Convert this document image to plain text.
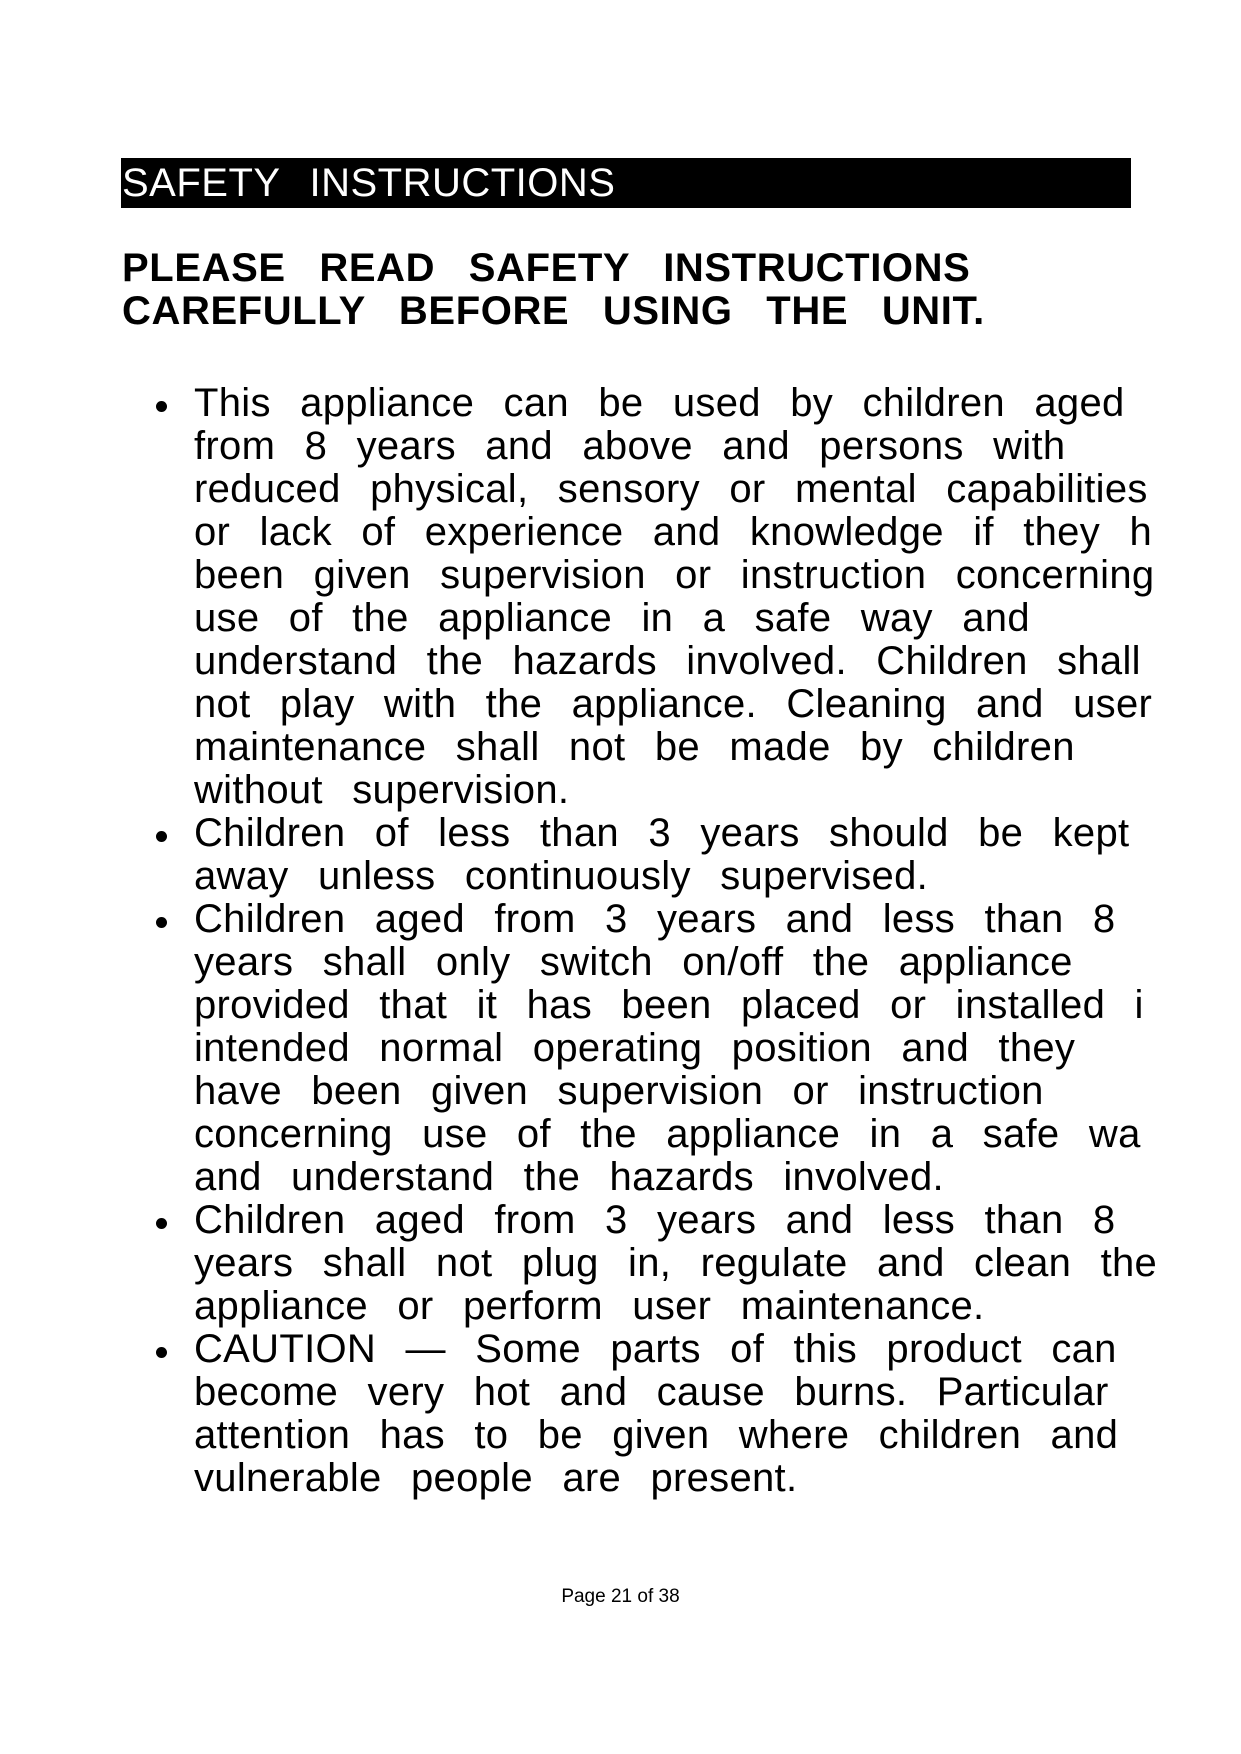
SAFETY INSTRUCTIONS
PLEASE READ SAFETY INSTRUCTIONS
CAREFULLY BEFORE USING THE UNIT.
This appliance can be used by children aged
from 8 years and above and persons with
reduced physical, sensory or mental capabilities
or lack of experience and knowledge if they h
been given supervision or instruction concerning
use of the appliance in a safe way and
understand the hazards involved. Children shall
not play with the appliance. Cleaning and user
maintenance shall not be made by children
without supervision.
Children of less than 3 years should be kept
away unless continuously supervised.
Children aged from 3 years and less than 8
years shall only switch on/off the appliance
provided that it has been placed or installed i
intended normal operating position and they
have been given supervision or instruction
concerning use of the appliance in a safe wa
and understand the hazards involved.
Children aged from 3 years and less than 8
years shall not plug in, regulate and clean the
appliance or perform user maintenance.
CAUTION — Some parts of this product can
become very hot and cause burns. Particular
attention has to be given where children and
vulnerable people are present.
Page 21 of 38
